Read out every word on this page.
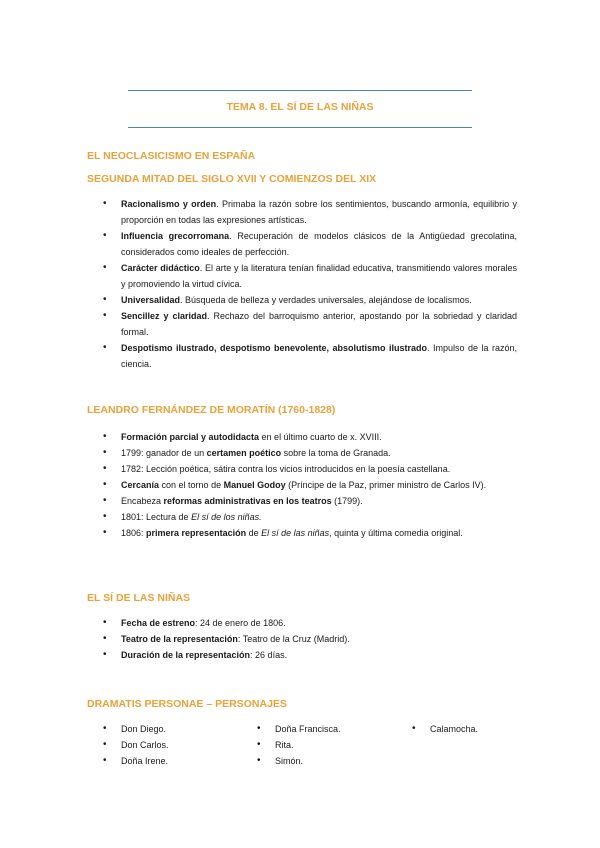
TEMA 8. EL SÍ DE LAS NIÑAS
EL NEOCLASICISMO EN ESPAÑA
SEGUNDA MITAD DEL SIGLO XVII Y COMIENZOS DEL XIX
• Racionalismo y orden. Primaba la razón sobre los sentimientos, buscando armonía, equilibrio y proporción en todas las expresiones artísticas.
• Influencia grecorromana. Recuperación de modelos clásicos de la Antigüedad grecolatina, considerados como ideales de perfección.
• Carácter didáctico. El arte y la literatura tenían finalidad educativa, transmitiendo valores morales y promoviendo la virtud cívica.
• Universalidad. Búsqueda de belleza y verdades universales, alejándose de localismos.
• Sencillez y claridad. Rechazo del barroquismo anterior, apostando por la sobriedad y claridad formal.
• Despotismo ilustrado, despotismo benevolente, absolutismo ilustrado. Impulso de la razón, ciencia.
LEANDRO FERNÁNDEZ DE MORATÍN (1760-1828)
• Formación parcial y autodidacta en el último cuarto de x. XVIII.
• 1799: ganador de un certamen poético sobre la toma de Granada.
• 1782: Lección poética, sátira contra los vicios introducidos en la poesía castellana.
• Cercanía con el torno de Manuel Godoy (Príncipe de la Paz, primer ministro de Carlos IV).
• Encabeza reformas administrativas en los teatros (1799).
• 1801: Lectura de El sí de los niñas.
• 1806: primera representación de El sí de las niñas, quinta y última comedia original.
EL SÍ DE LAS NIÑAS
• Fecha de estreno: 24 de enero de 1806.
• Teatro de la representación: Teatro de la Cruz (Madrid).
• Duración de la representación: 26 días.
DRAMATIS PERSONAE – PERSONAJES
• Don Diego.
• Don Carlos.
• Doña Irene.
• Doña Francisca.
• Rita.
• Simón.
• Calamocha.
